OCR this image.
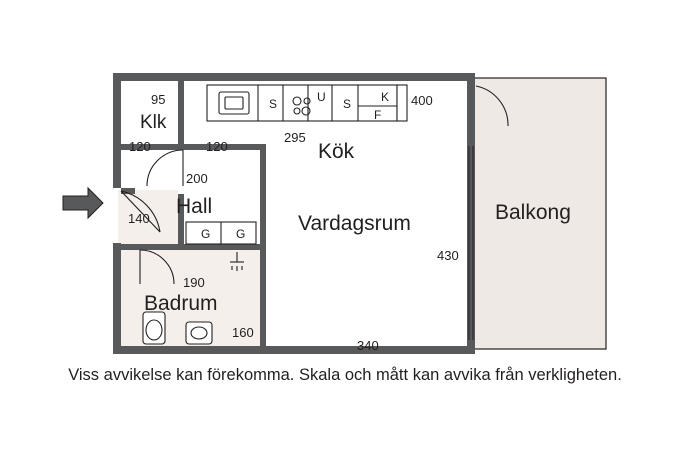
Klk
Kök
Hall
Vardagsrum
Badrum
Balkong
95
120	120
400
295
200
140
430
190
160
340
S	U S K
F
G G
Viss avvikelse kan förekomma. Skala och mått kan avvika från verkligheten.
